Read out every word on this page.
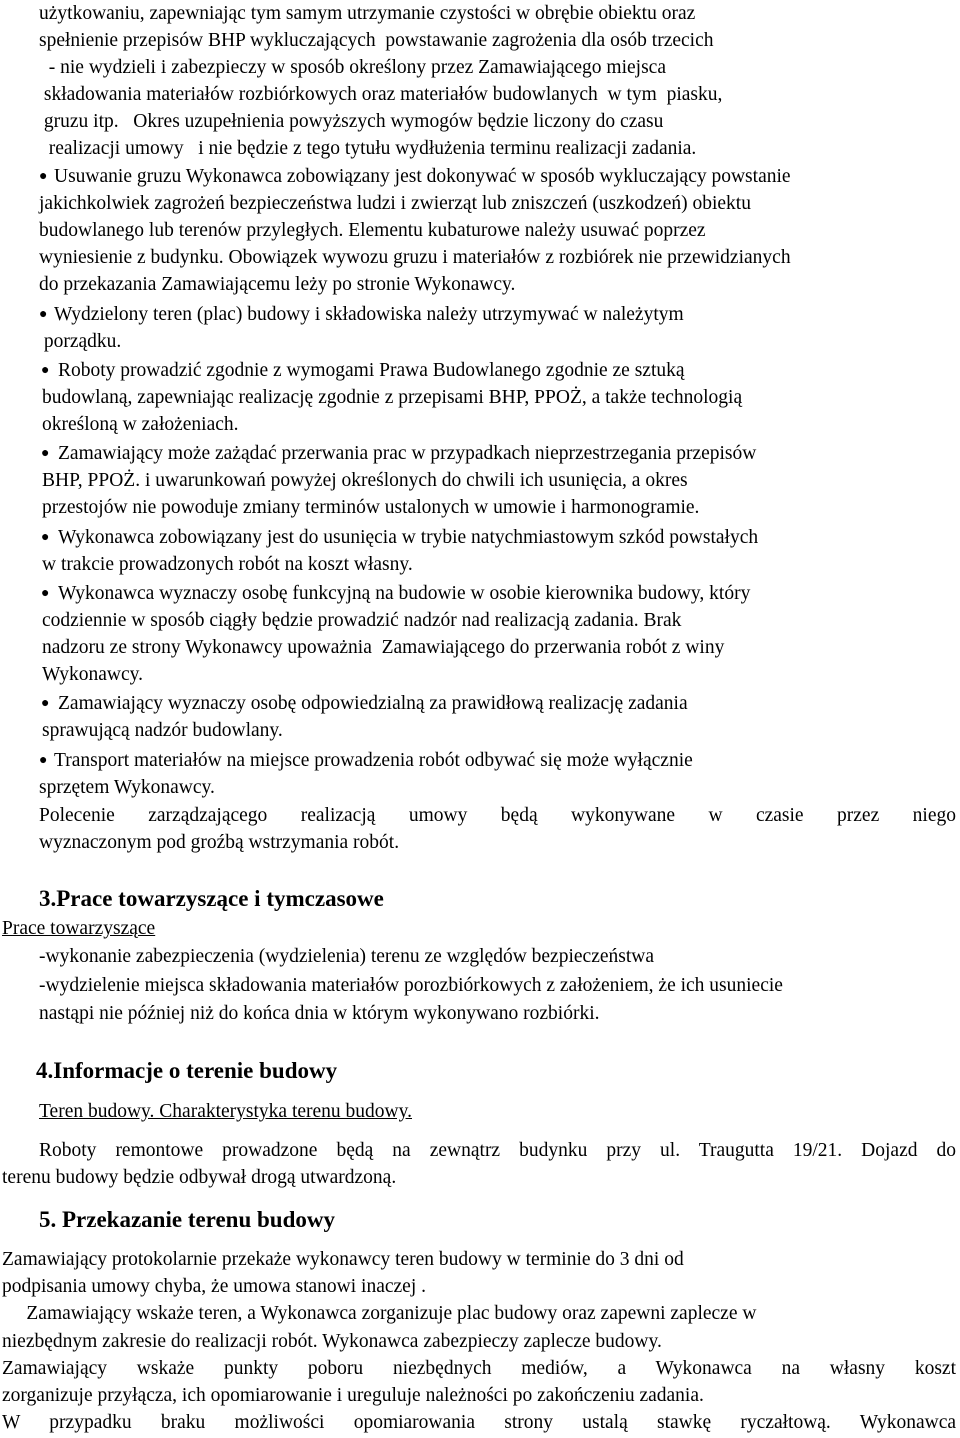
użytkowaniu, zapewniając tym samym utrzymanie czystości w obrębie obiektu oraz
spełnienie przepisów BHP wykluczających  powstawanie zagrożenia dla osób trzecich
- nie wydzieli i zabezpieczy w sposób określony przez Zamawiającego miejsca
składowania materiałów rozbiórkowych oraz materiałów budowlanych  w tym  piasku,
gruzu itp.   Okres uzupełnienia powyższych wymogów będzie liczony do czasu
realizacji umowy   i nie będzie z tego tytułu wydłużenia terminu realizacji zadania.
● Usuwanie gruzu Wykonawca zobowiązany jest dokonywać w sposób wykluczający powstanie
jakichkolwiek zagrożeń bezpieczeństwa ludzi i zwierząt lub zniszczeń (uszkodzeń) obiektu
budowlanego lub terenów przyległych. Elementu kubaturowe należy usuwać poprzez
wyniesienie z budynku. Obowiązek wywozu gruzu i materiałów z rozbiórek nie przewidzianych
do przekazania Zamawiającemu leży po stronie Wykonawcy.
● Wydzielony teren (plac) budowy i składowiska należy utrzymywać w należytym
porządku.
● Roboty prowadzić zgodnie z wymogami Prawa Budowlanego zgodnie ze sztuką
budowlaną, zapewniając realizację zgodnie z przepisami BHP, PPOŻ, a także technologią
określoną w założeniach.
● Zamawiający może zażądać przerwania prac w przypadkach nieprzestrzegania przepisów
BHP, PPOŻ. i uwarunkowań powyżej określonych do chwili ich usunięcia, a okres
przestojów nie powoduje zmiany terminów ustalonych w umowie i harmonogramie.
● Wykonawca zobowiązany jest do usunięcia w trybie natychmiastowym szkód powstałych
w trakcie prowadzonych robót na koszt własny.
● Wykonawca wyznaczy osobę funkcyjną na budowie w osobie kierownika budowy, który
codziennie w sposób ciągły będzie prowadzić nadzór nad realizacją zadania. Brak
nadzoru ze strony Wykonawcy upoważnia  Zamawiającego do przerwania robót z winy
Wykonawcy.
● Zamawiający wyznaczy osobę odpowiedzialną za prawidłową realizację zadania
sprawującą nadzór budowlany.
● Transport materiałów na miejsce prowadzenia robót odbywać się może wyłącznie
sprzętem Wykonawcy.
Polecenie zarządzającego realizacją umowy będą wykonywane w czasie przez niego
wyznaczonym pod groźbą wstrzymania robót.
3.Prace towarzyszące i tymczasowe
Prace towarzyszące
-wykonanie zabezpieczenia (wydzielenia) terenu ze względów bezpieczeństwa
-wydzielenie miejsca składowania materiałów porozbiórkowych z założeniem, że ich usuniecie
nastąpi nie później niż do końca dnia w którym wykonywano rozbiórki.
4.Informacje o terenie budowy
Teren budowy. Charakterystyka terenu budowy.
Roboty remontowe prowadzone będą na zewnątrz budynku przy ul. Traugutta 19/21. Dojazd do
terenu budowy będzie odbywał drogą utwardzoną.
5. Przekazanie terenu budowy
Zamawiający protokolarnie przekaże wykonawcy teren budowy w terminie do 3 dni od
podpisania umowy chyba, że umowa stanowi inaczej .
Zamawiający wskaże teren, a Wykonawca zorganizuje plac budowy oraz zapewni zaplecze w
niezbędnym zakresie do realizacji robót. Wykonawca zabezpieczy zaplecze budowy.
Zamawiający wskaże punkty poboru niezbędnych mediów, a Wykonawca na własny koszt
zorganizuje przyłącza, ich opomiarowanie i ureguluje należności po zakończeniu zadania.
W przypadku braku możliwości opomiarowania strony ustalą stawkę ryczałtową. Wykonawca
